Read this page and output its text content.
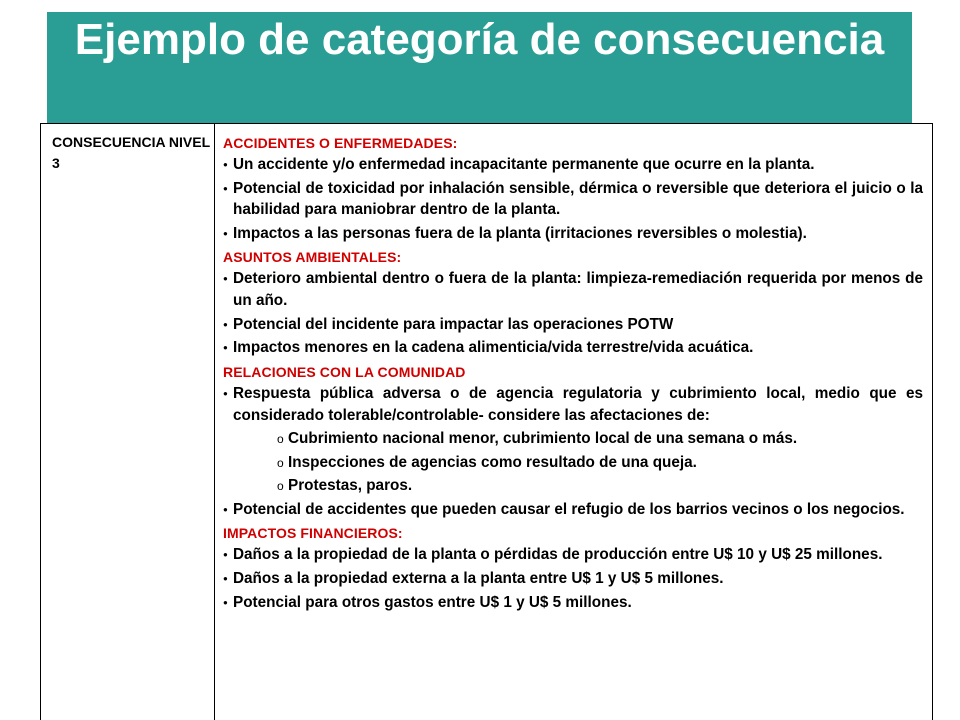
Ejemplo de categoría de consecuencia
CONSECUENCIA NIVEL 3
ACCIDENTES O ENFERMEDADES:
● Un accidente y/o enfermedad incapacitante permanente que ocurre en la planta.
● Potencial de toxicidad por inhalación sensible, dérmica o reversible que deteriora el juicio o la habilidad para maniobrar dentro de la planta.
● Impactos a las personas fuera de la planta (irritaciones reversibles o molestia).
ASUNTOS AMBIENTALES:
● Deterioro ambiental dentro o fuera de la planta: limpieza-remediación requerida por menos de un año.
● Potencial del incidente para impactar las operaciones POTW
● Impactos menores en la cadena alimenticia/vida terrestre/vida acuática.
RELACIONES CON LA COMUNIDAD
● Respuesta pública adversa o de agencia regulatoria y cubrimiento local, medio que es considerado tolerable/controlable- considere las afectaciones de:
o Cubrimiento nacional menor, cubrimiento local de una semana o más.
o Inspecciones de agencias como resultado de una queja.
o Protestas, paros.
● Potencial de accidentes que pueden causar el refugio de los barrios vecinos o los negocios.
IMPACTOS FINANCIEROS:
● Daños a la propiedad de la planta o pérdidas de producción entre U$ 10 y U$ 25 millones.
● Daños a la propiedad externa a la planta entre U$ 1 y U$ 5 millones.
● Potencial para otros gastos entre U$ 1 y U$ 5 millones.
